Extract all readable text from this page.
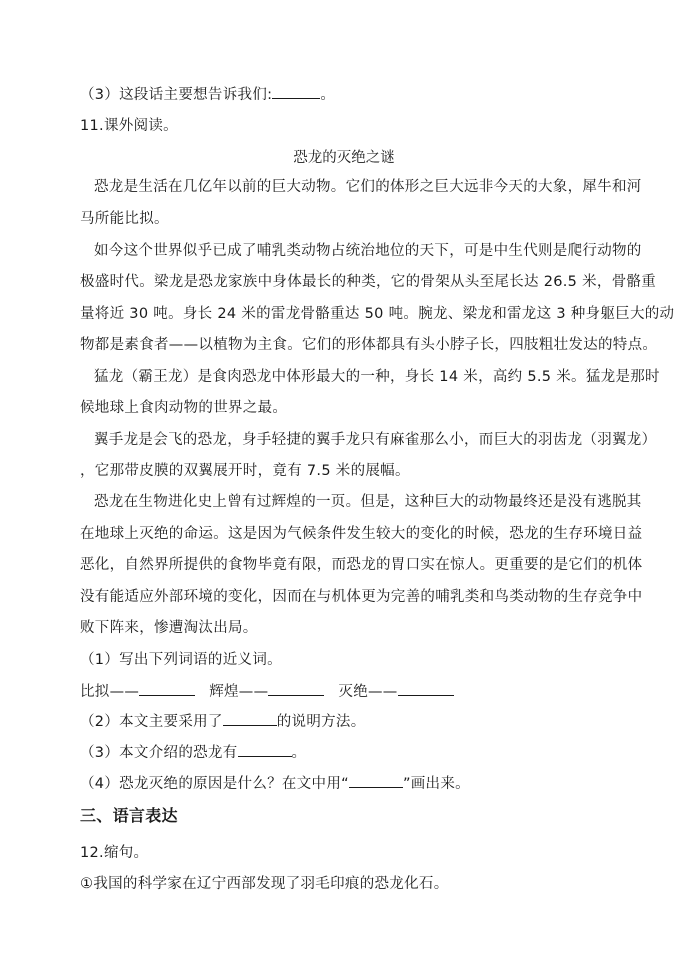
（3）这段话主要想告诉我们:	。
11.课外阅读。
恐龙的灭绝之谜
恐龙是生活在几亿年以前的巨大动物。它们的体形之巨大远非今天的大象，犀牛和河
马所能比拟。
如今这个世界似乎已成了哺乳类动物占统治地位的天下，可是中生代则是爬行动物的
极盛时代。梁龙是恐龙家族中身体最长的种类，它的骨架从头至尾长达 26.5 米，骨骼重
量将近 30 吨。身长 24 米的雷龙骨骼重达 50 吨。腕龙、梁龙和雷龙这 3 种身躯巨大的动
物都是素食者——以植物为主食。它们的形体都具有头小脖子长，四肢粗壮发达的特点。
猛龙（霸王龙）是食肉恐龙中体形最大的一种，身长 14 米，高约 5.5 米。猛龙是那时
候地球上食肉动物的世界之最。
翼手龙是会飞的恐龙，身手轻捷的翼手龙只有麻雀那么小，而巨大的羽齿龙（羽翼龙）
，它那带皮膜的双翼展开时，竟有 7.5 米的展幅。
恐龙在生物进化史上曾有过辉煌的一页。但是，这种巨大的动物最终还是没有逃脱其
在地球上灭绝的命运。这是因为气候条件发生较大的变化的时候，恐龙的生存环境日益
恶化，自然界所提供的食物毕竟有限，而恐龙的胃口实在惊人。更重要的是它们的机体
没有能适应外部环境的变化，因而在与机体更为完善的哺乳类和鸟类动物的生存竞争中
败下阵来，惨遭淘汰出局。
（1）写出下列词语的近义词。
比拟——	辉煌——	灭绝——
（2）本文主要采用了	的说明方法。
（3）本文介绍的恐龙有	。
（4）恐龙灭绝的原因是什么？在文中用“	”画出来。
三、语言表达
12.缩句。
①我国的科学家在辽宁西部发现了羽毛印痕的恐龙化石。
